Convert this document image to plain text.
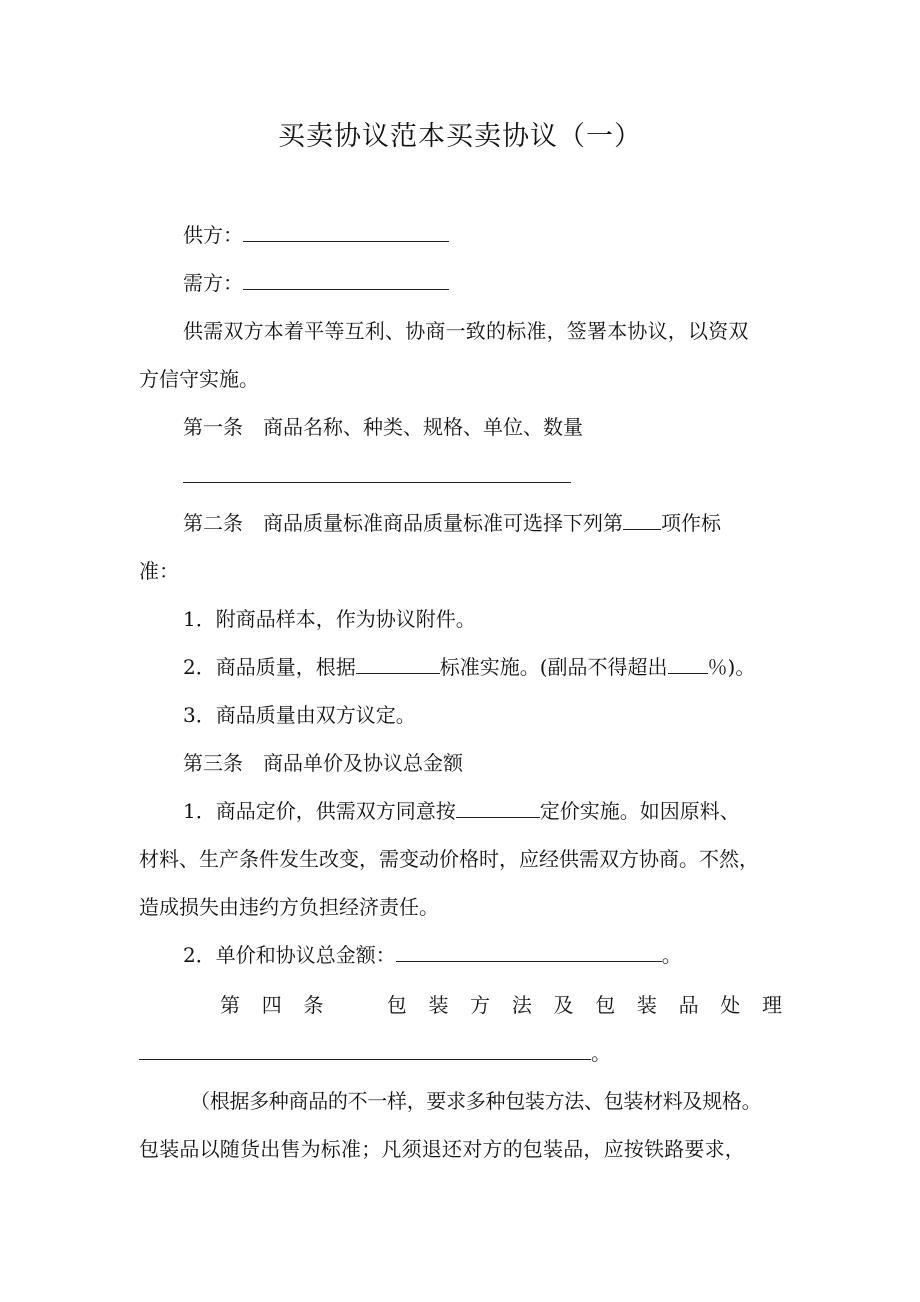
买卖协议范本买卖协议（一）
供方：
需方：
供需双方本着平等互利、协商一致的标准，签署本协议，以资双
方信守实施。
第一条　商品名称、种类、规格、单位、数量
第二条　商品质量标准商品质量标准可选择下列第 项作标
准：
1．附商品样本，作为协议附件。
2．商品质量，根据	标准实施。(副品不得超出 ％)。
3．商品质量由双方议定。
第三条　商品单价及协议总金额
1．商品定价，供需双方同意按	定价实施。如因原料、
材料、生产条件发生改变，需变动价格时，应经供需双方协商。不然，
造成损失由违约方负担经济责任。
2．单价和协议总金额：	。
第 四 条	包 装 方 法 及 包 装 品 处 理
。
（根据多种商品的不一样，要求多种包装方法、包装材料及规格。
包装品以随货出售为标准；凡须退还对方的包装品，应按铁路要求，
